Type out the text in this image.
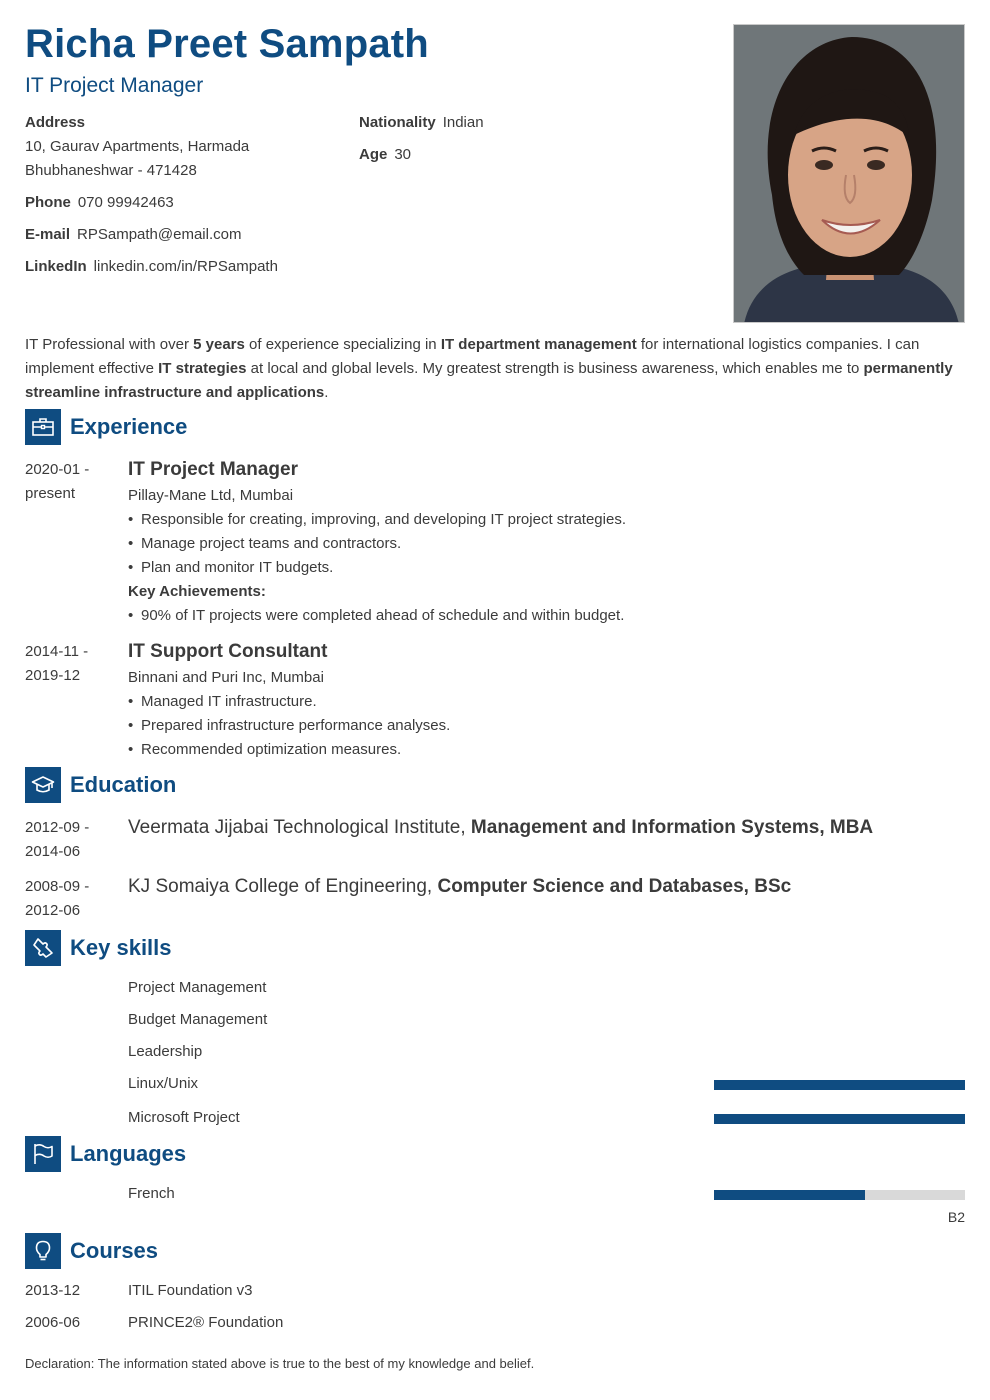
Richa Preet Sampath
IT Project Manager
Address
10, Gaurav Apartments, Harmada
Bhubhaneshwar - 471428
Phone 070 99942463
E-mail RPSampath@email.com
LinkedIn linkedin.com/in/RPSampath
Nationality Indian
Age 30
IT Professional with over 5 years of experience specializing in IT department management for international logistics companies. I can implement effective IT strategies at local and global levels. My greatest strength is business awareness, which enables me to permanently streamline infrastructure and applications.
Experience
2020-01 -
present
IT Project Manager
Pillay-Mane Ltd, Mumbai
• Responsible for creating, improving, and developing IT project strategies.
• Manage project teams and contractors.
• Plan and monitor IT budgets.
Key Achievements:
• 90% of IT projects were completed ahead of schedule and within budget.
2014-11 -
2019-12
IT Support Consultant
Binnani and Puri Inc, Mumbai
• Managed IT infrastructure.
• Prepared infrastructure performance analyses.
• Recommended optimization measures.
Education
2012-09 -
2014-06
Veermata Jijabai Technological Institute, Management and Information Systems, MBA
2008-09 -
2012-06
KJ Somaiya College of Engineering, Computer Science and Databases, BSc
Key skills
Project Management
Budget Management
Leadership
Linux/Unix
Microsoft Project
Languages
French
B2
Courses
2013-12	ITIL Foundation v3
2006-06	PRINCE2® Foundation
Declaration: The information stated above is true to the best of my knowledge and belief.
